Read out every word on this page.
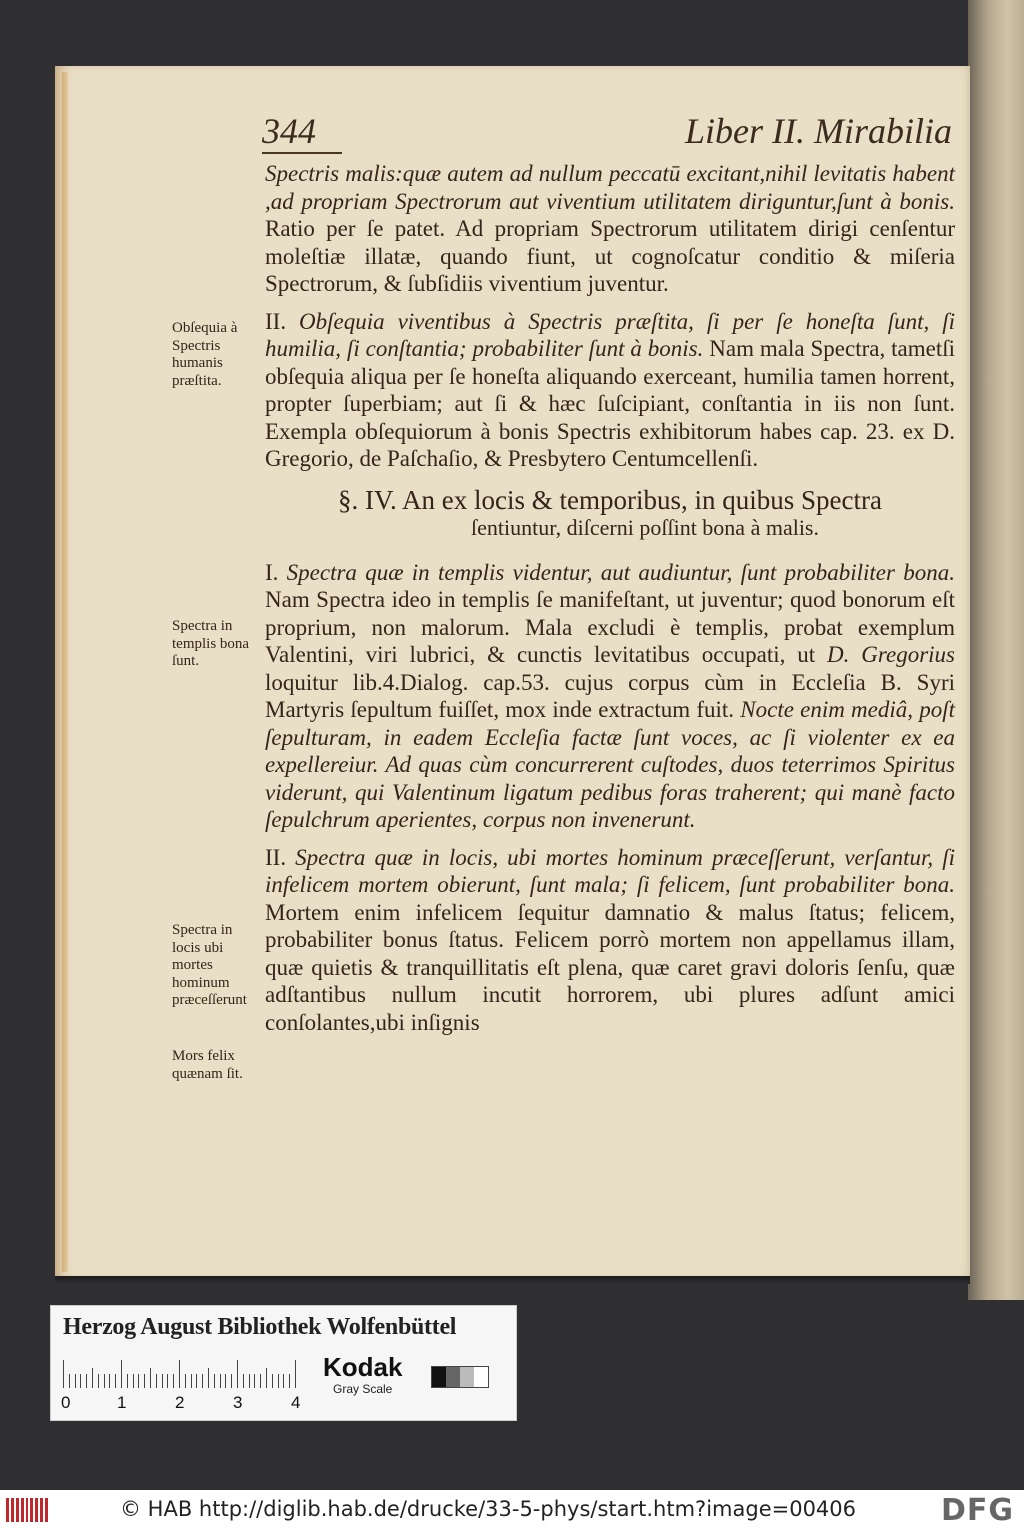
344	Liber II. Mirabilia

Spectris malis:quæ autem ad nullum peccatū excitant,nihil levitatis habent ,ad propriam Spectrorum aut viventium utilitatem diriguntur,ſunt à bonis. Ratio per ſe patet. Ad propriam Spectrorum utilitatem dirigi cenſentur moleſtiæ illatæ, quando fiunt, ut cognoſcatur conditio & miſeria Spectrorum, & ſubſidiis viventium juventur.

II. Obſequia viventibus à Spectris præſtita, ſi per ſe honeſta ſunt, ſi humilia, ſi conſtantia; probabiliter ſunt à bonis. Nam mala Spectra, tametſi obſequia aliqua per ſe honeſta aliquando exerceant, humilia tamen horrent, propter ſuperbiam; aut ſi & hæc ſuſcipiant, conſtantia in iis non ſunt. Exempla obſequiorum à bonis Spectris exhibitorum habes cap. 23. ex D. Gregorio, de Paſchaſio, & Presbytero Centumcellenſi.

§. IV. An ex locis & temporibus, in quibus Spectra
ſentiuntur, diſcerni poſſint bona à malis.

I. Spectra quæ in templis videntur, aut audiuntur, ſunt probabiliter bona. Nam Spectra ideo in templis ſe manifeſtant, ut juventur; quod bonorum eſt proprium, non malorum. Mala excludi è templis, probat exemplum Valentini, viri lubrici, & cunctis levitatibus occupati, ut D. Gregorius loquitur lib.4.Dialog. cap.53. cujus corpus cùm in Eccleſia B. Syri Martyris ſepultum fuiſſet, mox inde extractum fuit. Nocte enim mediâ, poſt ſepulturam, in eadem Eccleſia factæ ſunt voces, ac ſi violenter ex ea expellereiur. Ad quas cùm concurrerent cuſtodes, duos teterrimos Spiritus viderunt, qui Valentinum ligatum pedibus foras traherent; qui manè facto ſepulchrum aperientes, corpus non invenerunt.

II. Spectra quæ in locis, ubi mortes hominum præceſſerunt, verſantur, ſi infelicem mortem obierunt, ſunt mala; ſi felicem, ſunt probabiliter bona. Mortem enim infelicem ſequitur damnatio & malus ſtatus; felicem, probabiliter bonus ſtatus. Felicem porrò mortem non appellamus illam, quæ quietis & tranquillitatis eſt plena, quæ caret gravi doloris ſenſu, quæ adſtantibus nullum incutit horrorem, ubi plures adſunt amici conſolantes,ubi inſignis

Obſequia à Spectris humanis præſtita.
Spectra in templis bona ſunt.
Spectra in locis ubi mortes hominum præceſſerunt
Mors felix quænam ſit.
Herzog August Bibliothek Wolfenbüttel
0	1	2	3	4
Kodak
Gray Scale
© HAB http://diglib.hab.de/drucke/33-5-phys/start.htm?image=00406	DFG
